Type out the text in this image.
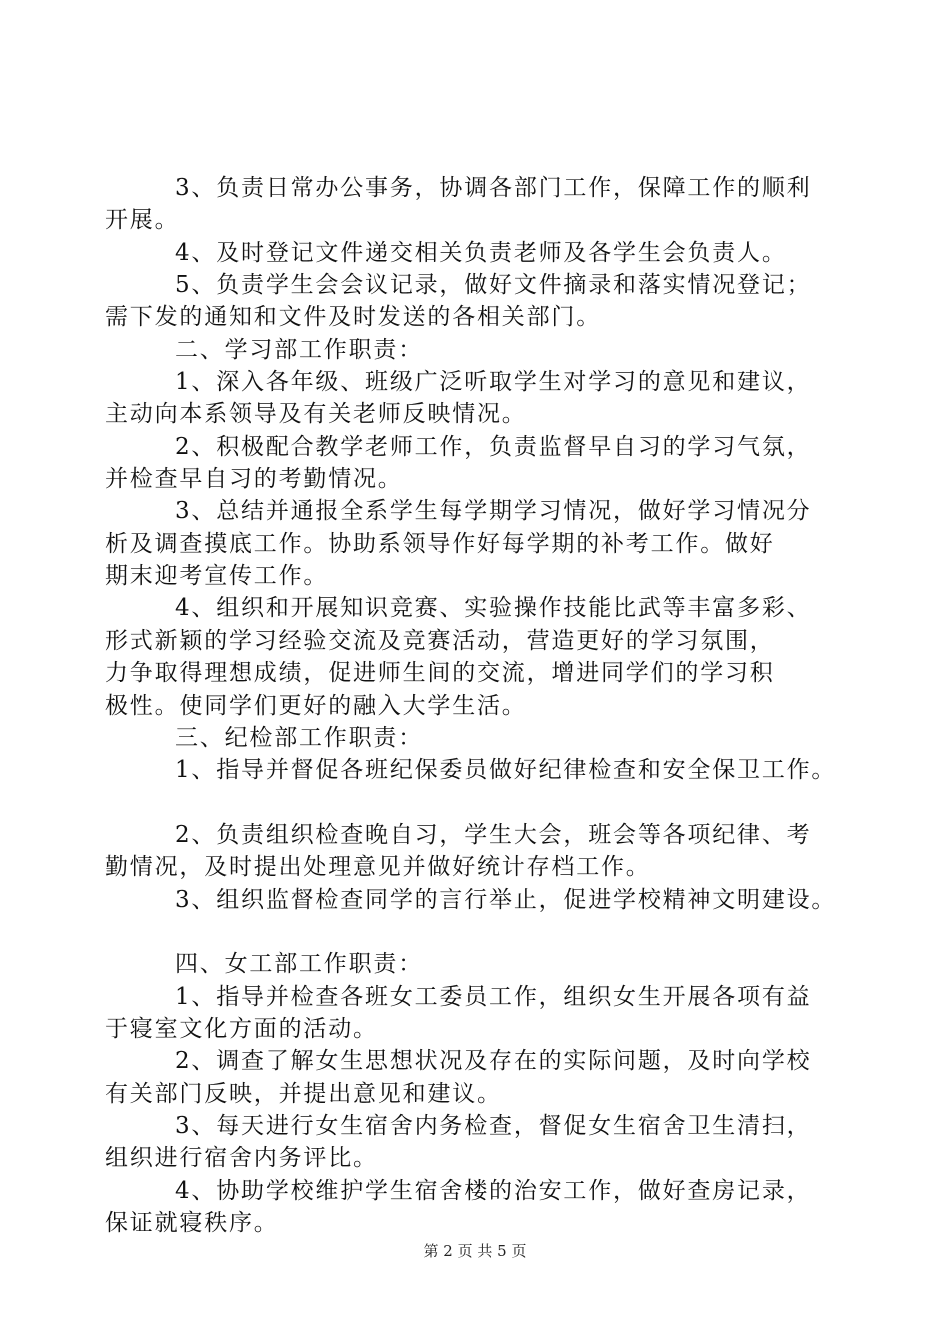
3、负责日常办公事务，协调各部门工作，保障工作的顺利
开展。
4、及时登记文件递交相关负责老师及各学生会负责人。
5、负责学生会会议记录，做好文件摘录和落实情况登记；
需下发的通知和文件及时发送的各相关部门。
二、学习部工作职责：
1、深入各年级、班级广泛听取学生对学习的意见和建议，
主动向本系领导及有关老师反映情况。
2、积极配合教学老师工作，负责监督早自习的学习气氛，
并检查早自习的考勤情况。
3、总结并通报全系学生每学期学习情况，做好学习情况分
析及调查摸底工作。协助系领导作好每学期的补考工作。做好
期末迎考宣传工作。
4、组织和开展知识竞赛、实验操作技能比武等丰富多彩、
形式新颖的学习经验交流及竞赛活动，营造更好的学习氛围，
力争取得理想成绩，促进师生间的交流，增进同学们的学习积
极性。使同学们更好的融入大学生活。
三、纪检部工作职责：
1、指导并督促各班纪保委员做好纪律检查和安全保卫工作。
2、负责组织检查晚自习，学生大会，班会等各项纪律、考
勤情况，及时提出处理意见并做好统计存档工作。
3、组织监督检查同学的言行举止，促进学校精神文明建设。
四、女工部工作职责：
1、指导并检查各班女工委员工作，组织女生开展各项有益
于寝室文化方面的活动。
2、调查了解女生思想状况及存在的实际问题，及时向学校
有关部门反映，并提出意见和建议。
3、每天进行女生宿舍内务检查，督促女生宿舍卫生清扫，
组织进行宿舍内务评比。
4、协助学校维护学生宿舍楼的治安工作，做好查房记录，
保证就寝秩序。
第 2 页 共 5 页
